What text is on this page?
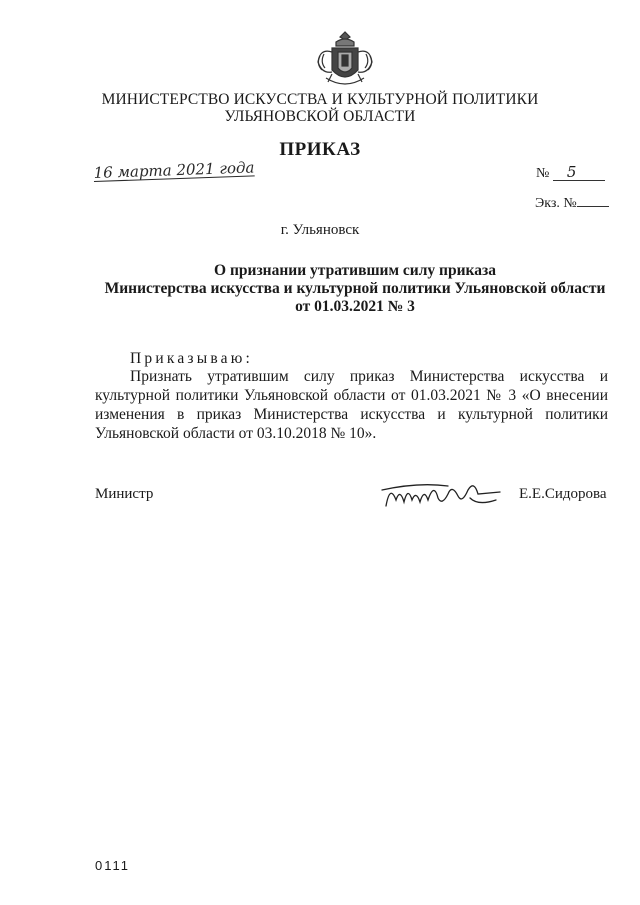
МИНИСТЕРСТВО ИСКУССТВА И КУЛЬТУРНОЙ ПОЛИТИКИ
УЛЬЯНОВСКОЙ ОБЛАСТИ
ПРИКАЗ
16 марта 2021 года	№ 5
Экз. №
г. Ульяновск
О признании утратившим силу приказа
Министерства искусства и культурной политики Ульяновской области
от 01.03.2021 № 3
Приказываю:
Признать утратившим силу приказ Министерства искусства и культурной политики Ульяновской области от 01.03.2021 № 3 «О внесении изменения в приказ Министерства искусства и культурной политики Ульяновской области от 03.10.2018 № 10».
Министр	Е.Е.Сидорова
0111
